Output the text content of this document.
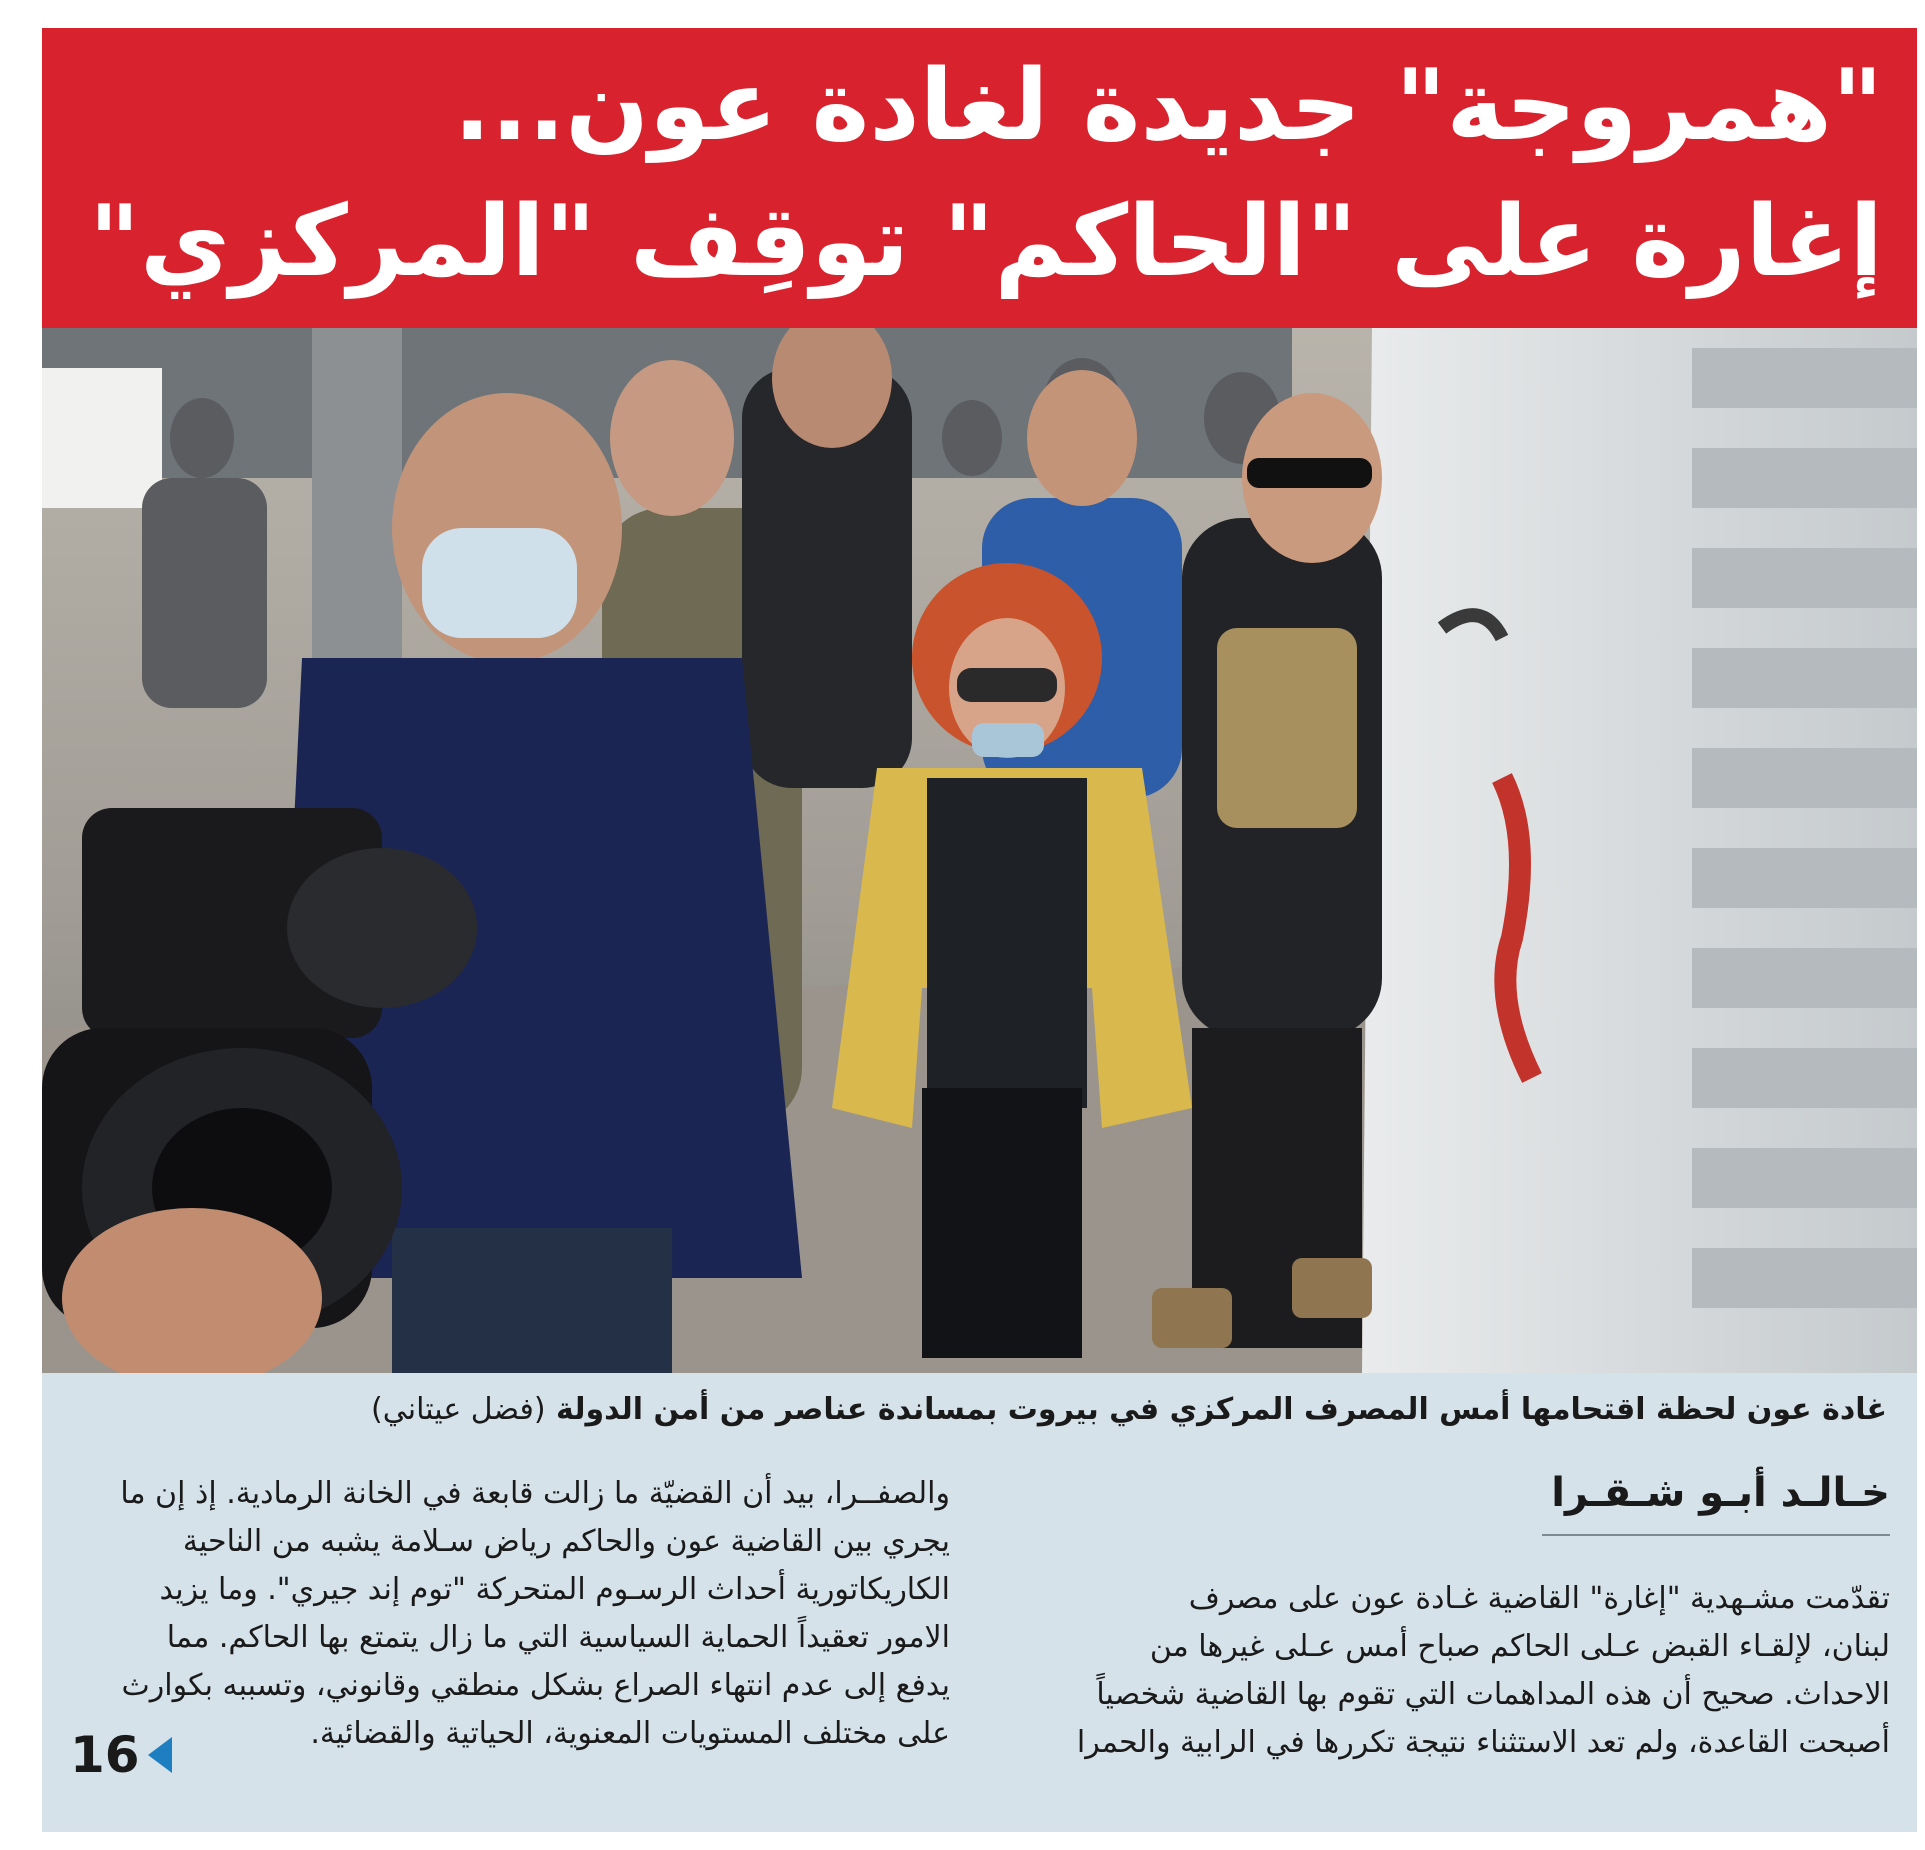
"همروجة" جديدة لغادة عون...
إغارة على "الحاكم" توقِف "المركزي"
غادة عون لحظة اقتحامها أمس المصرف المركزي في بيروت بمساندة عناصر من أمن الدولة (فضل عيتاني)
خـالـد أبـو شـقـرا
تقدّمت مشـهدية "إغارة" القاضية غـادة عون على مصرف
لبنان، لإلقـاء القبض عـلى الحاكم صباح أمس عـلى غيرها من
الاحداث. صحيح أن هذه المداهمات التي تقوم بها القاضية شخصياً
أصبحت القاعدة، ولم تعد الاستثناء نتيجة تكررها في الرابية والحمرا
والصفــرا، بيد أن القضيّة ما زالت قابعة في الخانة الرمادية. إذ إن ما
يجري بين القاضية عون والحاكم رياض سـلامة يشبه من الناحية
الكاريكاتورية أحداث الرسـوم المتحركة "توم إند جيري". وما يزيد
الامور تعقيداً الحماية السياسية التي ما زال يتمتع بها الحاكم. مما
يدفع إلى عدم انتهاء الصراع بشكل منطقي وقانوني، وتسببه بكوارث
على مختلف المستويات المعنوية، الحياتية والقضائية.
16
